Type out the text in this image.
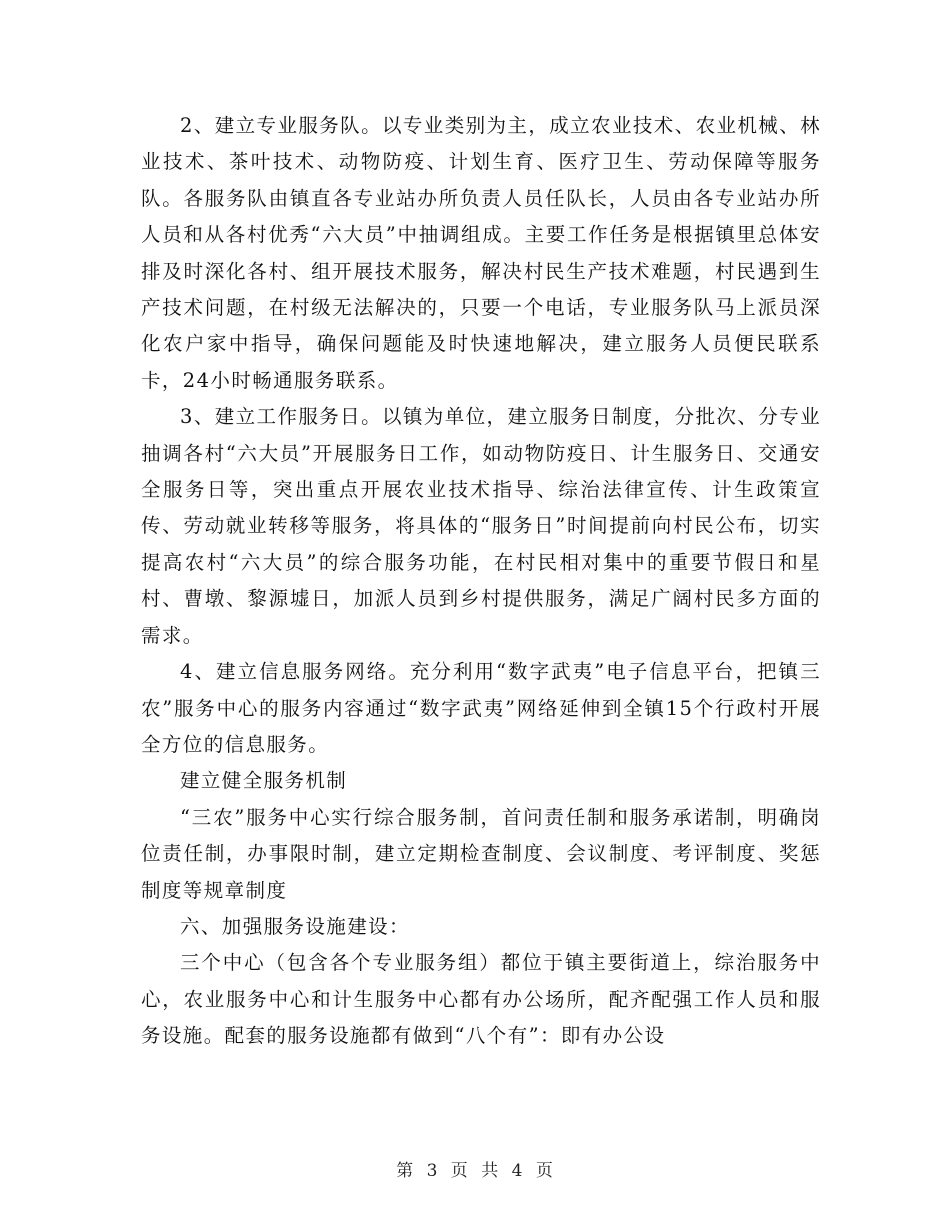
2、建立专业服务队。以专业类别为主，成立农业技术、农业机械、林业技术、茶叶技术、动物防疫、计划生育、医疗卫生、劳动保障等服务队。各服务队由镇直各专业站办所负责人员任队长，人员由各专业站办所人员和从各村优秀“六大员”中抽调组成。主要工作任务是根据镇里总体安排及时深化各村、组开展技术服务，解决村民生产技术难题，村民遇到生产技术问题，在村级无法解决的，只要一个电话，专业服务队马上派员深化农户家中指导，确保问题能及时快速地解决，建立服务人员便民联系卡，24小时畅通服务联系。

3、建立工作服务日。以镇为单位，建立服务日制度，分批次、分专业抽调各村“六大员”开展服务日工作，如动物防疫日、计生服务日、交通安全服务日等，突出重点开展农业技术指导、综治法律宣传、计生政策宣传、劳动就业转移等服务，将具体的“服务日”时间提前向村民公布，切实提高农村“六大员”的综合服务功能，在村民相对集中的重要节假日和星村、曹墩、黎源墟日，加派人员到乡村提供服务，满足广阔村民多方面的需求。

4、建立信息服务网络。充分利用“数字武夷”电子信息平台，把镇三农”服务中心的服务内容通过“数字武夷”网络延伸到全镇15个行政村开展全方位的信息服务。

建立健全服务机制

“三农”服务中心实行综合服务制，首问责任制和服务承诺制，明确岗位责任制，办事限时制，建立定期检查制度、会议制度、考评制度、奖惩制度等规章制度

六、加强服务设施建设：

三个中心（包含各个专业服务组）都位于镇主要街道上，综治服务中心，农业服务中心和计生服务中心都有办公场所，配齐配强工作人员和服务设施。配套的服务设施都有做到“八个有”：即有办公设

第 3 页 共 4 页
